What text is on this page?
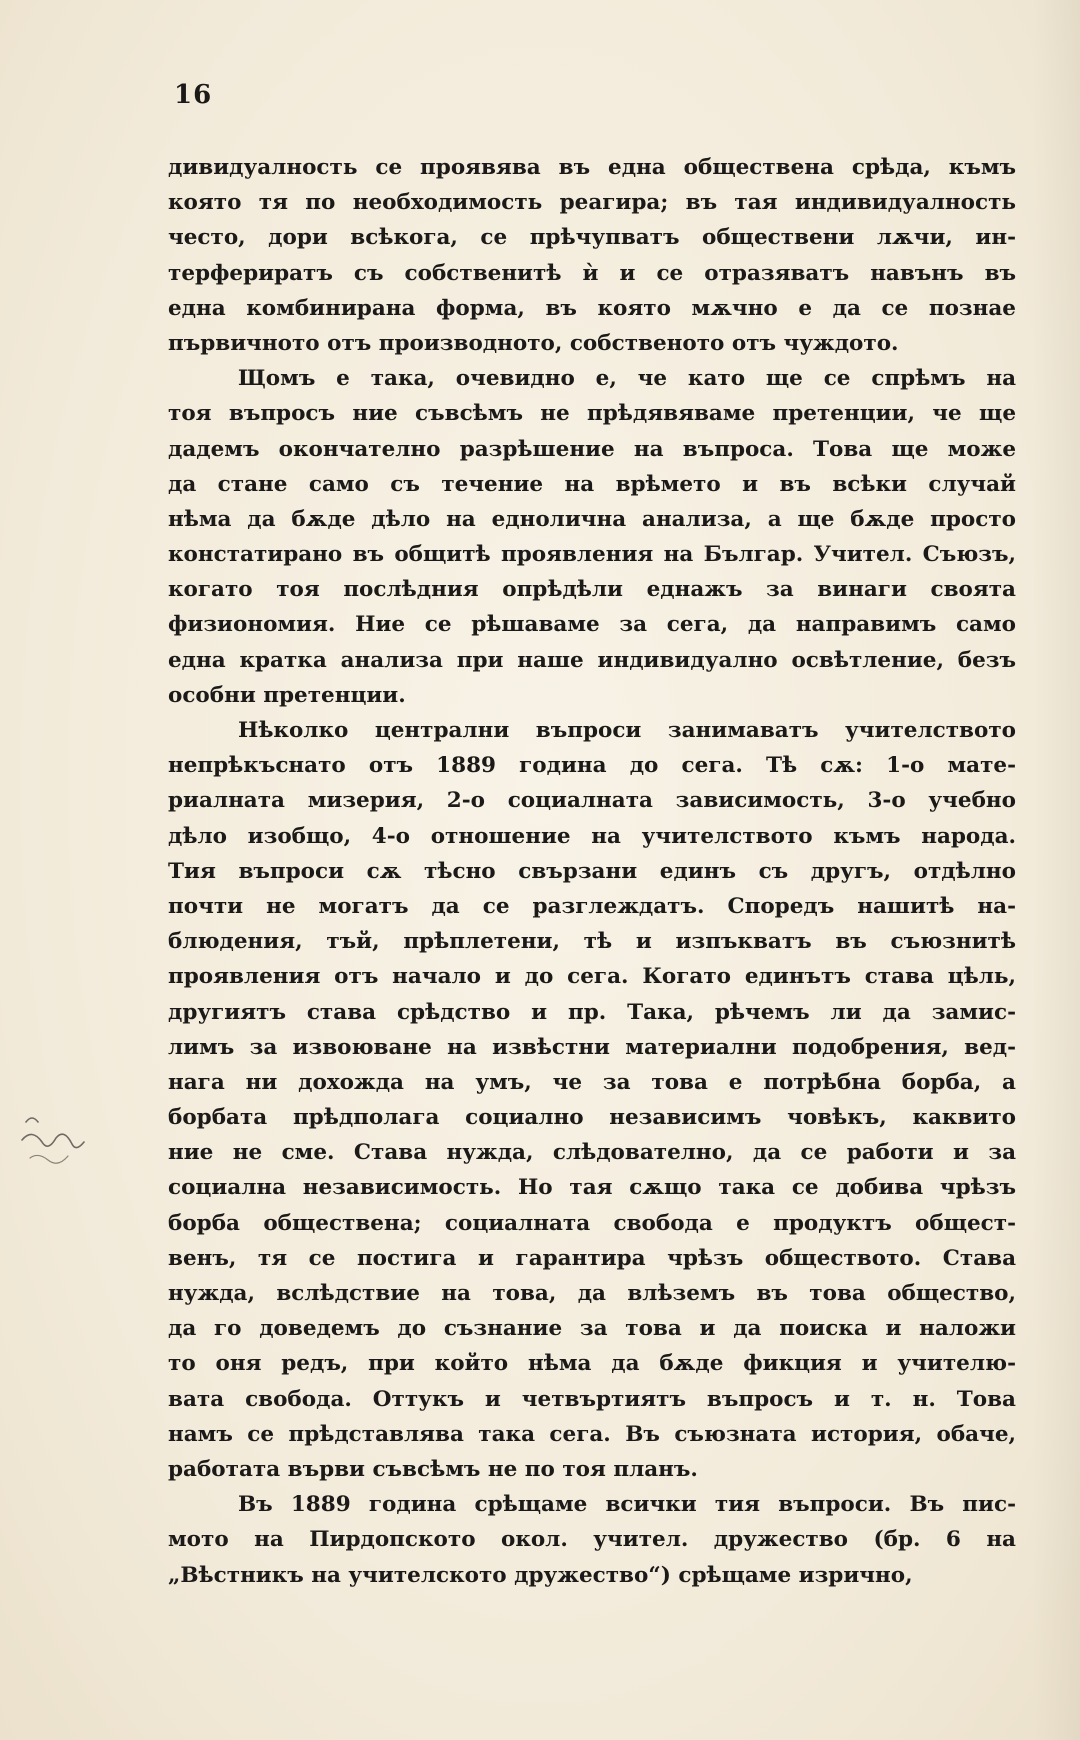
16
дивидуалность се проявява въ една обществена срѣда, къмъ
която тя по необходимость реагира; въ тая индивидуалность
често, дори всѣкога, се прѣчупватъ обществени лѫчи, ин-
терфериратъ съ собственитѣ ѝ и се отразяватъ навънъ въ
една комбинирана форма, въ която мѫчно е да се познае
първичното отъ производното, собственото отъ чуждото.
Щомъ е така, очевидно е, че като ще се спрѣмъ на
тоя въпросъ ние съвсѣмъ не прѣдявяваме претенции, че ще
дадемъ окончателно разрѣшение на въпроса. Това ще може
да стане само съ течение на врѣмето и въ всѣки случай
нѣма да бѫде дѣло на еднолична анализа, а ще бѫде просто
констатирано въ общитѣ проявления на Българ. Учител. Съюзъ,
когато тоя послѣдния опрѣдѣли еднажъ за винаги своята
физиономия. Ние се рѣшаваме за сега, да направимъ само
една кратка анализа при наше индивидуално освѣтление, безъ
особни претенции.
Нѣколко централни въпроси занимаватъ учителството
непрѣкъснато отъ 1889 година до сега. Тѣ сѫ: 1-о мате-
риалната мизерия, 2-о социалната зависимость, 3-о учебно
дѣло изобщо, 4-о отношение на учителството къмъ народа.
Тия въпроси сѫ тѣсно свързани единъ съ другъ, отдѣлно
почти не могатъ да се разглеждатъ. Споредъ нашитѣ на-
блюдения, тъй, прѣплетени, тѣ и изпъкватъ въ съюзнитѣ
проявления отъ начало и до сега. Когато единътъ става цѣль,
другиятъ става срѣдство и пр. Така, рѣчемъ ли да замис-
лимъ за извоюване на извѣстни материални подобрения, вед-
нага ни дохожда на умъ, че за това е потрѣбна борба, а
борбата прѣдполага социално независимъ човѣкъ, каквито
ние не сме. Става нужда, слѣдователно, да се работи и за
социална независимость. Но тая сѫщо така се добива чрѣзъ
борба обществена; социалната свобода е продуктъ общест-
венъ, тя се постига и гарантира чрѣзъ обществото. Става
нужда, вслѣдствие на това, да влѣземъ въ това общество,
да го доведемъ до съзнание за това и да поиска и наложи
то оня редъ, при който нѣма да бѫде фикция и учителю-
вата свобода. Оттукъ и четвъртиятъ въпросъ и т. н. Това
намъ се прѣдставлява така сега. Въ съюзната история, обаче,
работата върви съвсѣмъ не по тоя планъ.
Въ 1889 година срѣщаме всички тия въпроси. Въ пис-
мото на Пирдопското окол. учител. дружество (бр. 6 на
„Вѣстникъ на учителското дружество“) срѣщаме изрично,
